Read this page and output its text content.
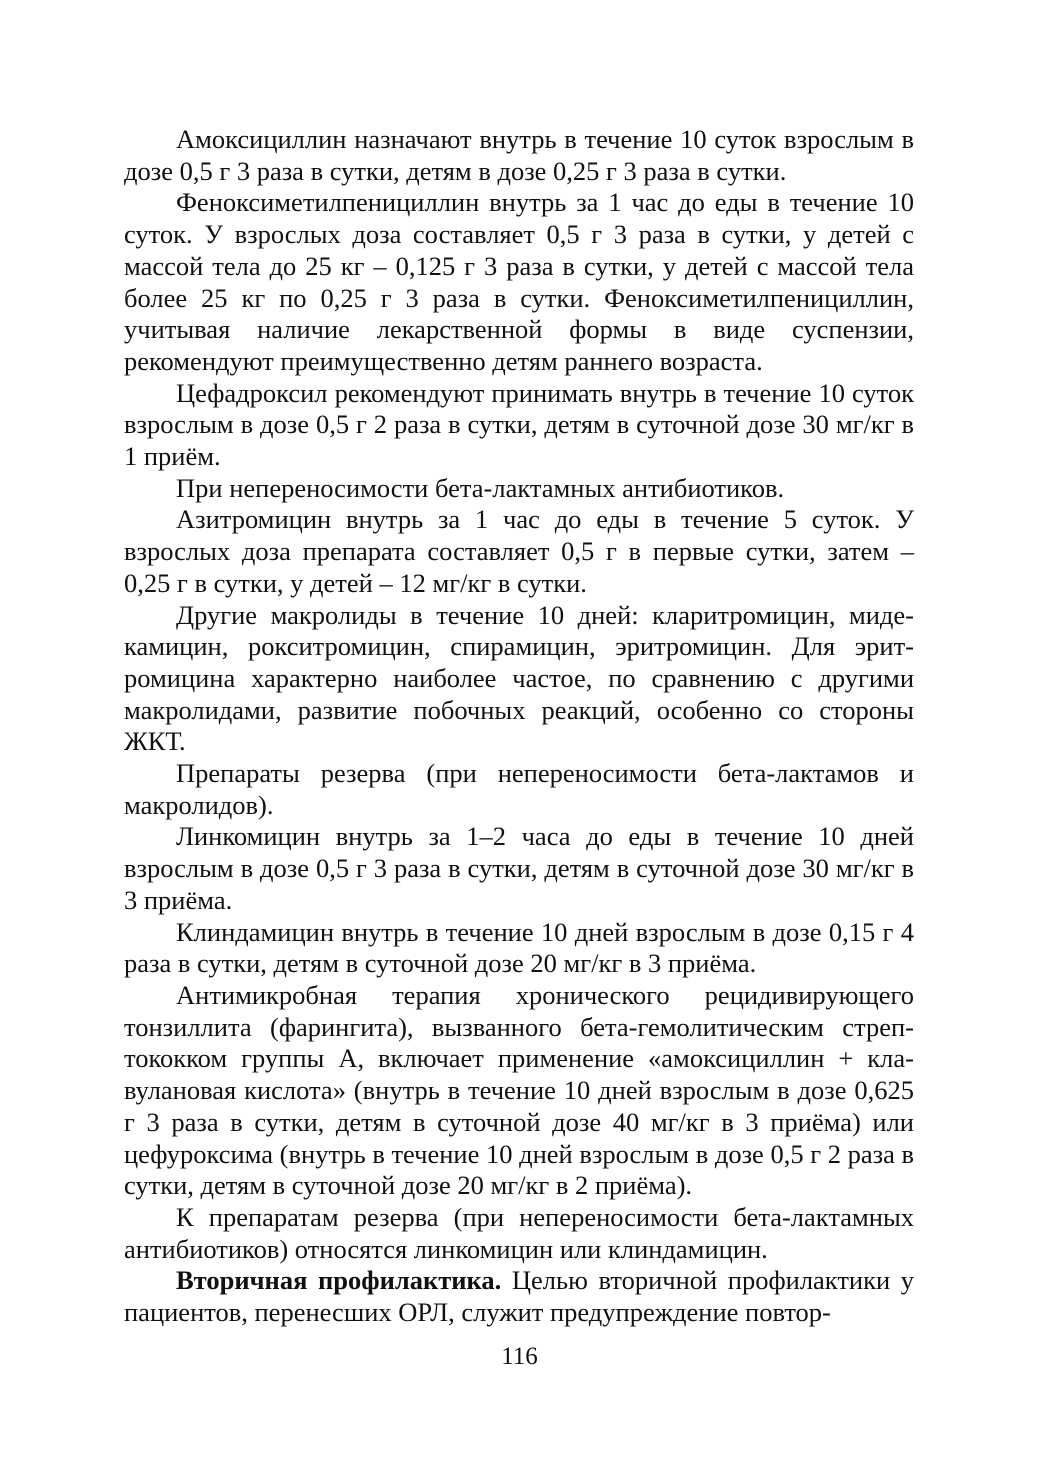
Амоксициллин назначают внутрь в течение 10 суток взрослым в дозе 0,5 г 3 раза в сутки, детям в дозе 0,25 г 3 раза в сутки.

Феноксиметилпенициллин внутрь за 1 час до еды в течение 10 суток. У взрослых доза составляет 0,5 г 3 раза в сутки, у детей с массой тела до 25 кг – 0,125 г 3 раза в сутки, у детей с массой тела более 25 кг по 0,25 г 3 раза в сутки. Феноксиметилпенициллин, учитывая наличие лекарственной формы в виде суспензии, рекомендуют преимущественно детям раннего возраста.

Цефадроксил рекомендуют принимать внутрь в течение 10 суток взрослым в дозе 0,5 г 2 раза в сутки, детям в суточной дозе 30 мг/кг в 1 приём.

При непереносимости бета-лактамных антибиотиков.

Азитромицин внутрь за 1 час до еды в течение 5 суток. У взрослых доза препарата составляет 0,5 г в первые сутки, затем – 0,25 г в сутки, у детей – 12 мг/кг в сутки.

Другие макролиды в течение 10 дней: кларитромицин, мидекамицин, рокситромицин, спирамицин, эритромицин. Для эритромицина характерно наиболее частое, по сравнению с другими макролидами, развитие побочных реакций, особенно со стороны ЖКТ.

Препараты резерва (при непереносимости бета-лактамов и макролидов).

Линкомицин внутрь за 1–2 часа до еды в течение 10 дней взрослым в дозе 0,5 г 3 раза в сутки, детям в суточной дозе 30 мг/кг в 3 приёма.

Клиндамицин внутрь в течение 10 дней взрослым в дозе 0,15 г 4 раза в сутки, детям в суточной дозе 20 мг/кг в 3 приёма.

Антимикробная терапия хронического рецидивирующего тонзиллита (фарингита), вызванного бета-гемолитическим стрептококком группы А, включает применение «амоксициллин + клавулановая кислота» (внутрь в течение 10 дней взрослым в дозе 0,625 г 3 раза в сутки, детям в суточной дозе 40 мг/кг в 3 приёма) или цефуроксима (внутрь в течение 10 дней взрослым в дозе 0,5 г 2 раза в сутки, детям в суточной дозе 20 мг/кг в 2 приёма).

К препаратам резерва (при непереносимости бета-лактамных антибиотиков) относятся линкомицин или клиндамицин.

Вторичная профилактика. Целью вторичной профилактики у пациентов, перенесших ОРЛ, служит предупреждение повтор-

116
